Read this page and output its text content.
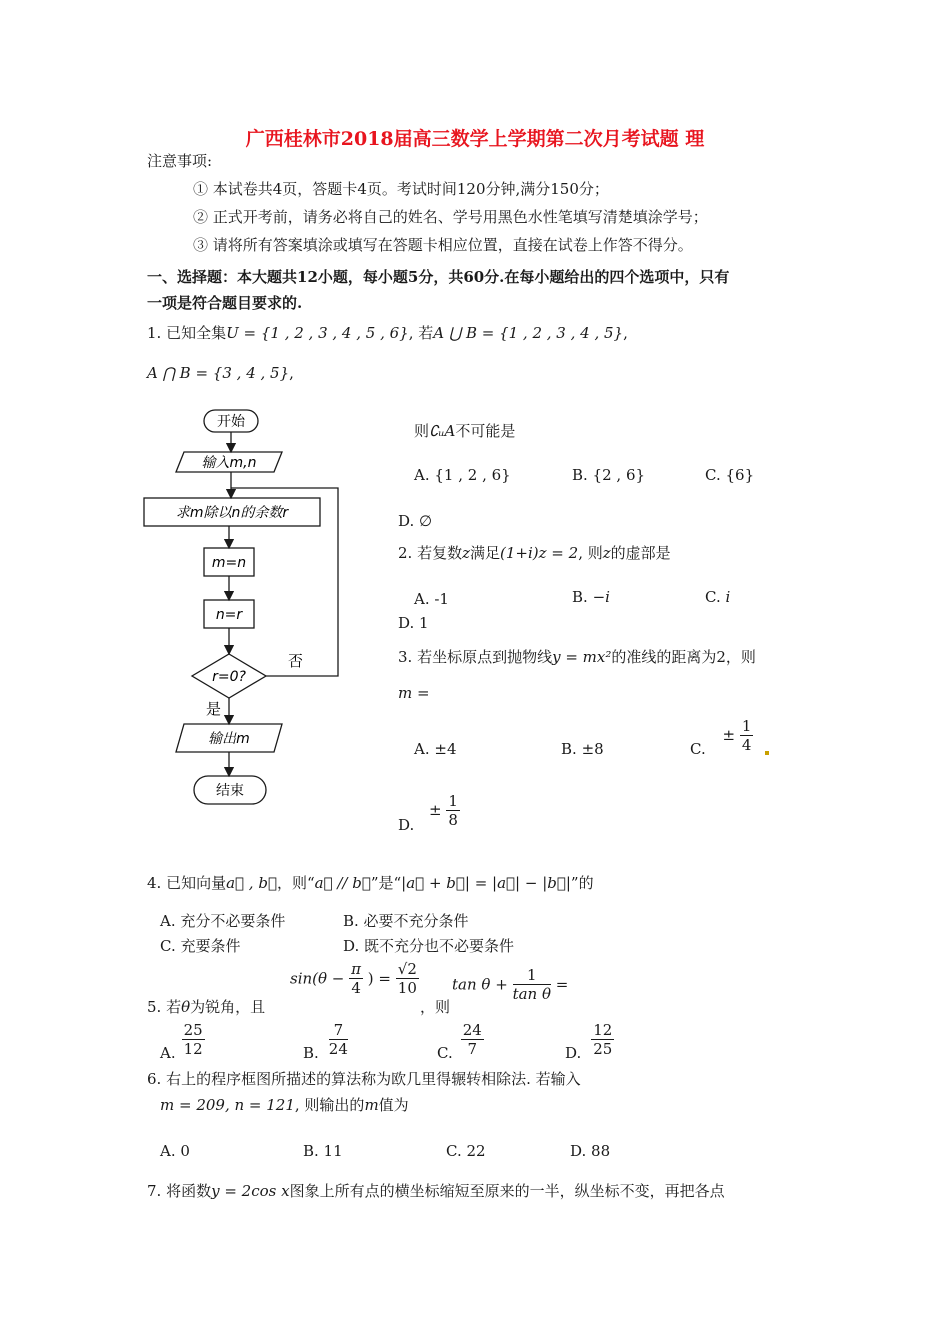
广西桂林市2018届高三数学上学期第二次月考试题 理
注意事项:
① 本试卷共4页，答题卡4页。考试时间120分钟,满分150分；
② 正式开考前，请务必将自己的姓名、学号用黑色水性笔填写清楚填涂学号；
③ 请将所有答案填涂或填写在答题卡相应位置，直接在试卷上作答不得分。
一、选择题：本大题共12小题，每小题5分，共60分.在每小题给出的四个选项中，只有
一项是符合题目要求的.
1. 已知全集U = {1 , 2 , 3 , 4 , 5 , 6}, 若A ⋃ B = {1 , 2 , 3 , 4 , 5},
A ⋂ B = {3 , 4 , 5},
则∁ᵤA不可能是
A. {1 , 2 , 6}	B. {2 , 6}	C. {6}
D. ∅
2. 若复数z满足(1+i)z = 2, 则z的虚部是
A. -1	B. −i	C. i
D. 1
3. 若坐标原点到抛物线y = mx²的准线的距离为2，则
m =
A. ±4	B. ±8	C. ± $\frac{1}{4}$
D. ± $\frac{1}{8}$
4. 已知向量a⃗ , b⃗，则“a⃗ // b⃗”是“|a⃗ + b⃗| = |a⃗| − |b⃗|”的
A. 充分不必要条件	B. 必要不充分条件
C. 充要条件	D. 既不充分也不必要条件
5. 若θ为锐角，且
$\sin(\theta - \frac{\pi}{4}$ ) = $\frac{√2}{10}$
，则
$\tan \theta + \frac{1}{\text{tan θ}}$ =
A. $\frac{25}{12}$	B. $\frac{7}{24}$	C. $\frac{24}{7}$	D. $\frac{12}{25}$
6. 右上的程序框图所描述的算法称为欧几里得辗转相除法. 若输入
m = 209, n = 121, 则输出的m值为
A. 0	B. 11	C. 22	D. 88
7. 将函数y = 2cos x图象上所有点的横坐标缩短至原来的一半，纵坐标不变，再把各点
开始
输入m,n
求m除以n的余数r
m=n
n=r
r=0?
否
是
输出m
结束
